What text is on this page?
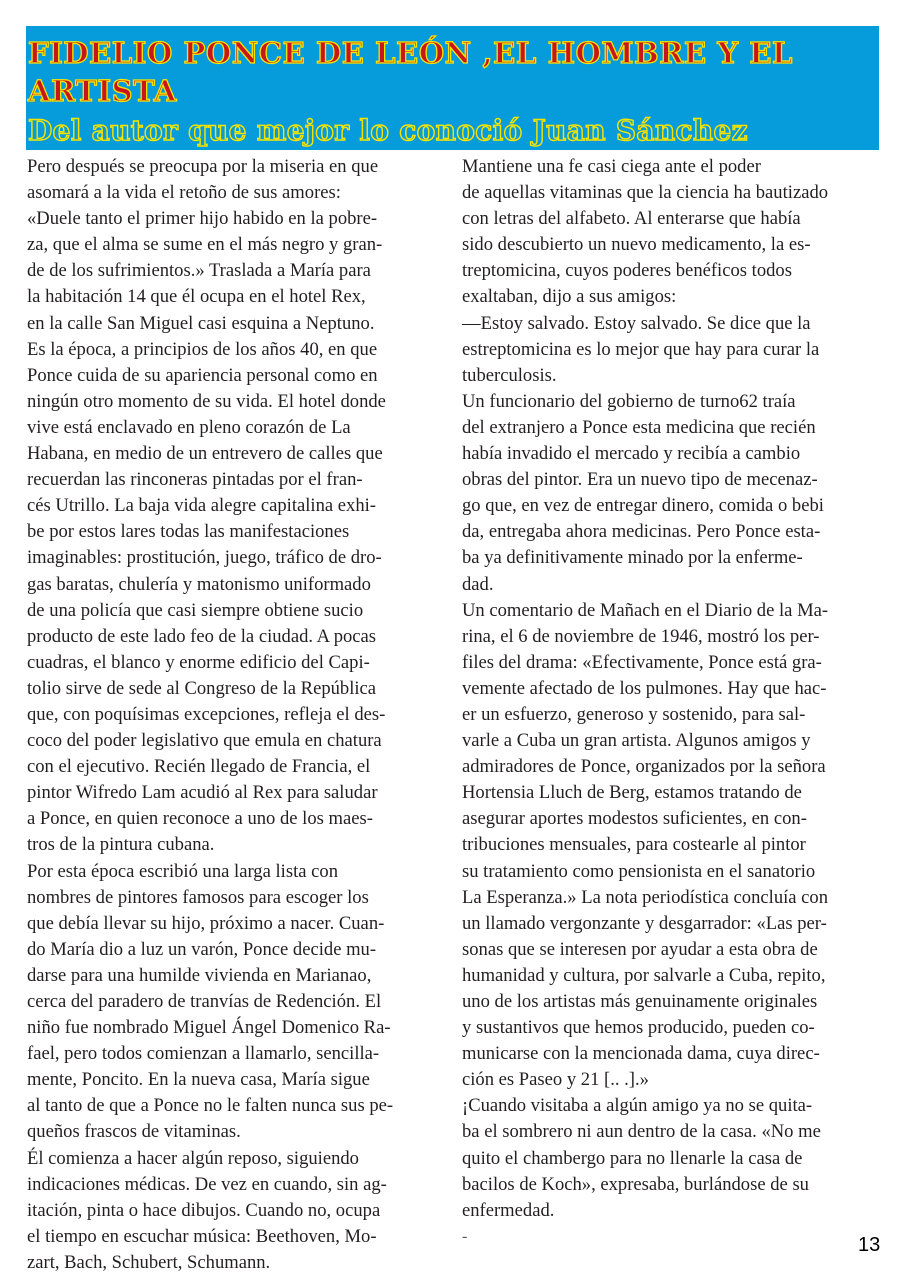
FIDELIO PONCE DE LEÓN ,EL HOMBRE Y EL
ARTISTA
Del autor que mejor lo conoció Juan Sánchez
Pero después se preocupa por la miseria en que
asomará a la vida el retoño de sus amores:
«Duele tanto el primer hijo habido en la pobre-
za, que el alma se sume en el más negro y gran-
de de los sufrimientos.» Traslada a María para
la habitación 14 que él ocupa en el hotel Rex,
en la calle San Miguel casi esquina a Neptuno.
Es la época, a principios de los años 40, en que
Ponce cuida de su apariencia personal como en
ningún otro momento de su vida. El hotel donde
vive está enclavado en pleno corazón de La
Habana, en medio de un entrevero de calles que
recuerdan las rinconeras pintadas por el fran-
cés Utrillo. La baja vida alegre capitalina exhi-
be por estos lares todas las manifestaciones
imaginables: prostitución, juego, tráfico de dro-
gas baratas, chulería y matonismo uniformado
de una policía que casi siempre obtiene sucio
producto de este lado feo de la ciudad. A pocas
cuadras, el blanco y enorme edificio del Capi-
tolio sirve de sede al Congreso de la República
que, con poquísimas excepciones, refleja el des-
coco del poder legislativo que emula en chatura
con el ejecutivo. Recién llegado de Francia, el
pintor Wifredo Lam acudió al Rex para saludar
a Ponce, en quien reconoce a uno de los maes-
tros de la pintura cubana.
Por esta época escribió una larga lista con
nombres de pintores famosos para escoger los
que debía llevar su hijo, próximo a nacer. Cuan-
do María dio a luz un varón, Ponce decide mu-
darse para una humilde vivienda en Marianao,
cerca del paradero de tranvías de Redención. El
niño fue nombrado Miguel Ángel Domenico Ra-
fael, pero todos comienzan a llamarlo, sencilla-
mente, Poncito. En la nueva casa, María sigue
al tanto de que a Ponce no le falten nunca sus pe-
queños frascos de vitaminas.
Él comienza a hacer algún reposo, siguiendo
indicaciones médicas. De vez en cuando, sin ag-
itación, pinta o hace dibujos. Cuando no, ocupa
el tiempo en escuchar música: Beethoven, Mo-
zart, Bach, Schubert, Schumann.
Mantiene una fe casi ciega ante el poder
de aquellas vitaminas que la ciencia ha bautizado
con letras del alfabeto. Al enterarse que había
sido descubierto un nuevo medicamento, la es-
treptomicina, cuyos poderes benéficos todos
exaltaban, dijo a sus amigos:
—Estoy salvado. Estoy salvado. Se dice que la
estreptomicina es lo mejor que hay para curar la
tuberculosis.
Un funcionario del gobierno de turno62 traía
del extranjero a Ponce esta medicina que recién
había invadido el mercado y recibía a cambio
obras del pintor. Era un nuevo tipo de mecenaz-
go que, en vez de entregar dinero, comida o bebi
da, entregaba ahora medicinas. Pero Ponce esta-
ba ya definitivamente minado por la enferme-
dad.
Un comentario de Mañach en el Diario de la Ma-
rina, el 6 de noviembre de 1946, mostró los per-
files del drama: «Efectivamente, Ponce está gra-
vemente afectado de los pulmones. Hay que hac-
er un esfuerzo, generoso y sostenido, para sal-
varle a Cuba un gran artista. Algunos amigos y
admiradores de Ponce, organizados por la señora
Hortensia Lluch de Berg, estamos tratando de
asegurar aportes modestos suficientes, en con-
tribuciones mensuales, para costearle al pintor
su tratamiento como pensionista en el sanatorio
La Esperanza.» La nota periodística concluía con
un llamado vergonzante y desgarrador: «Las per-
sonas que se interesen por ayudar a esta obra de
humanidad y cultura, por salvarle a Cuba, repito,
uno de los artistas más genuinamente originales
y sustantivos que hemos producido, pueden co-
municarse con la mencionada dama, cuya direc-
ción es Paseo y 21 [.. .].»
¡Cuando visitaba a algún amigo ya no se quita-
ba el sombrero ni aun dentro de la casa. «No me
quito el chambergo para no llenarle la casa de
bacilos de Koch», expresaba, burlándose de su
enfermedad.
-	13
